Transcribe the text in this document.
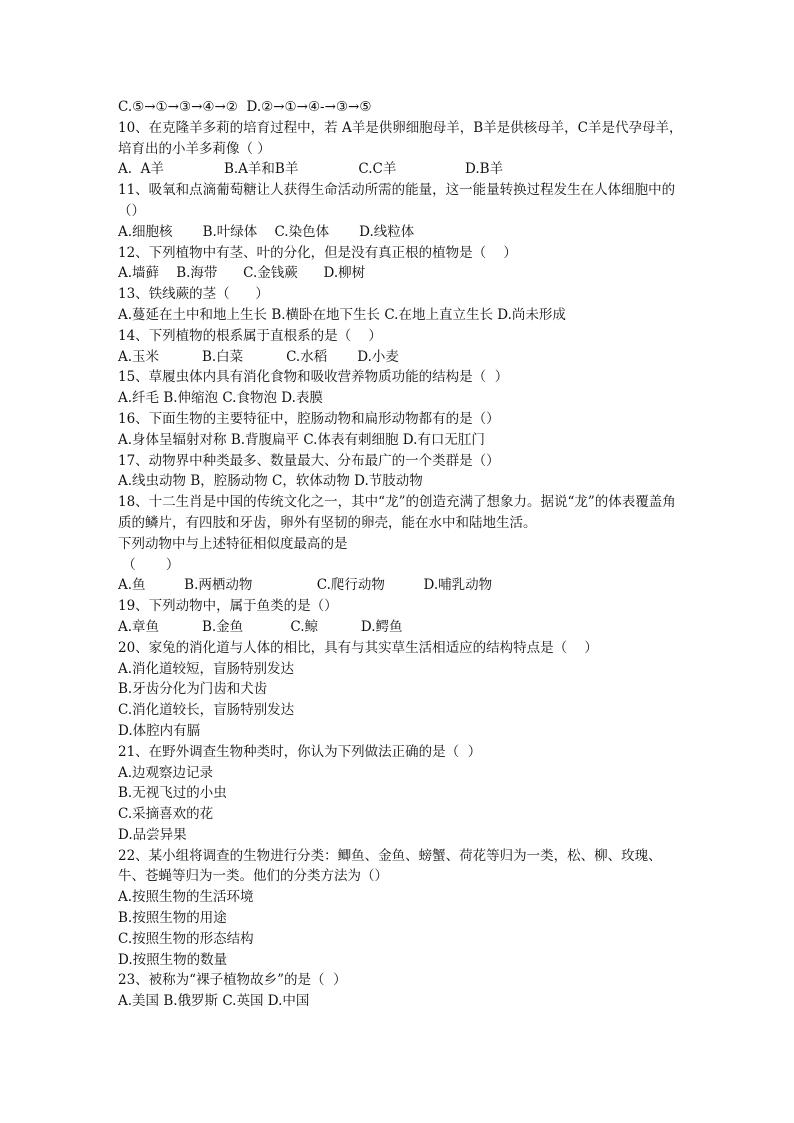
C.⑤→①→③→④→②  D.②→①→④-→③→⑤
10、在克隆羊多莉的培育过程中，若 A羊是供卵细胞母羊，B羊是供核母羊，C羊是代孕母羊，培育出的小羊多莉像（ ）
A.  A羊              B.A羊和B羊              C.C羊                D.B羊
11、吸氧和点滴葡萄糖让人获得生命活动所需的能量，这一能量转换过程发生在人体细胞中的（）
A.细胞核       B.叶绿体    C.染色体       D.线粒体
12、下列植物中有茎、叶的分化，但是没有真正根的植物是（    ）
A.墙藓    B.海带      C.金钱蕨      D.柳树
13、铁线蕨的茎（      ）
A.蔓延在土中和地上生长 B.横卧在地下生长 C.在地上直立生长 D.尚未形成
14、下列植物的根系属于直根系的是（    ）
A.玉米          B.白菜          C.水稻       D.小麦
15、草履虫体内具有消化食物和吸收营养物质功能的结构是（  ）
A.纤毛 B.伸缩泡 C.食物泡 D.表膜
16、下面生物的主要特征中，腔肠动物和扁形动物都有的是（）
A.身体呈辐射对称 B.背腹扁平 C.体表有刺细胞 D.有口无肛门
17、动物界中种类最多、数量最大、分布最广的一个类群是（）
A.线虫动物 B，腔肠动物 C，软体动物 D.节肢动物
18、十二生肖是中国的传统文化之一，其中“龙”的创造充满了想象力。据说“龙”的体表覆盖角质的鳞片，有四肢和牙齿，卵外有坚韧的卵壳，能在水中和陆地生活。
下列动物中与上述特征相似度最高的是
（       ）
A.鱼         B.两栖动物               C.爬行动物         D.哺乳动物
19、下列动物中，属于鱼类的是（）
A.章鱼          B.金鱼           C.鲸          D.鳄鱼
20、家兔的消化道与人体的相比，具有与其实草生活相适应的结构特点是（    ）
A.消化道较短，盲肠特别发达
B.牙齿分化为门齿和犬齿
C.消化道较长，盲肠特别发达
D.体腔内有膈
21、在野外调查生物种类时，你认为下列做法正确的是（  ）
A.边观察边记录
B.无视飞过的小虫
C.采摘喜欢的花
D.品尝异果
22、某小组将调查的生物进行分类：鲫鱼、金鱼、螃蟹、荷花等归为一类，松、柳、玫瑰、牛、苍蝇等归为一类。他们的分类方法为（）
A.按照生物的生活环境
B.按照生物的用途
C.按照生物的形态结构
D.按照生物的数量
23、被称为“裸子植物故乡”的是（  ）
A.美国 B.俄罗斯 C.英国 D.中国
